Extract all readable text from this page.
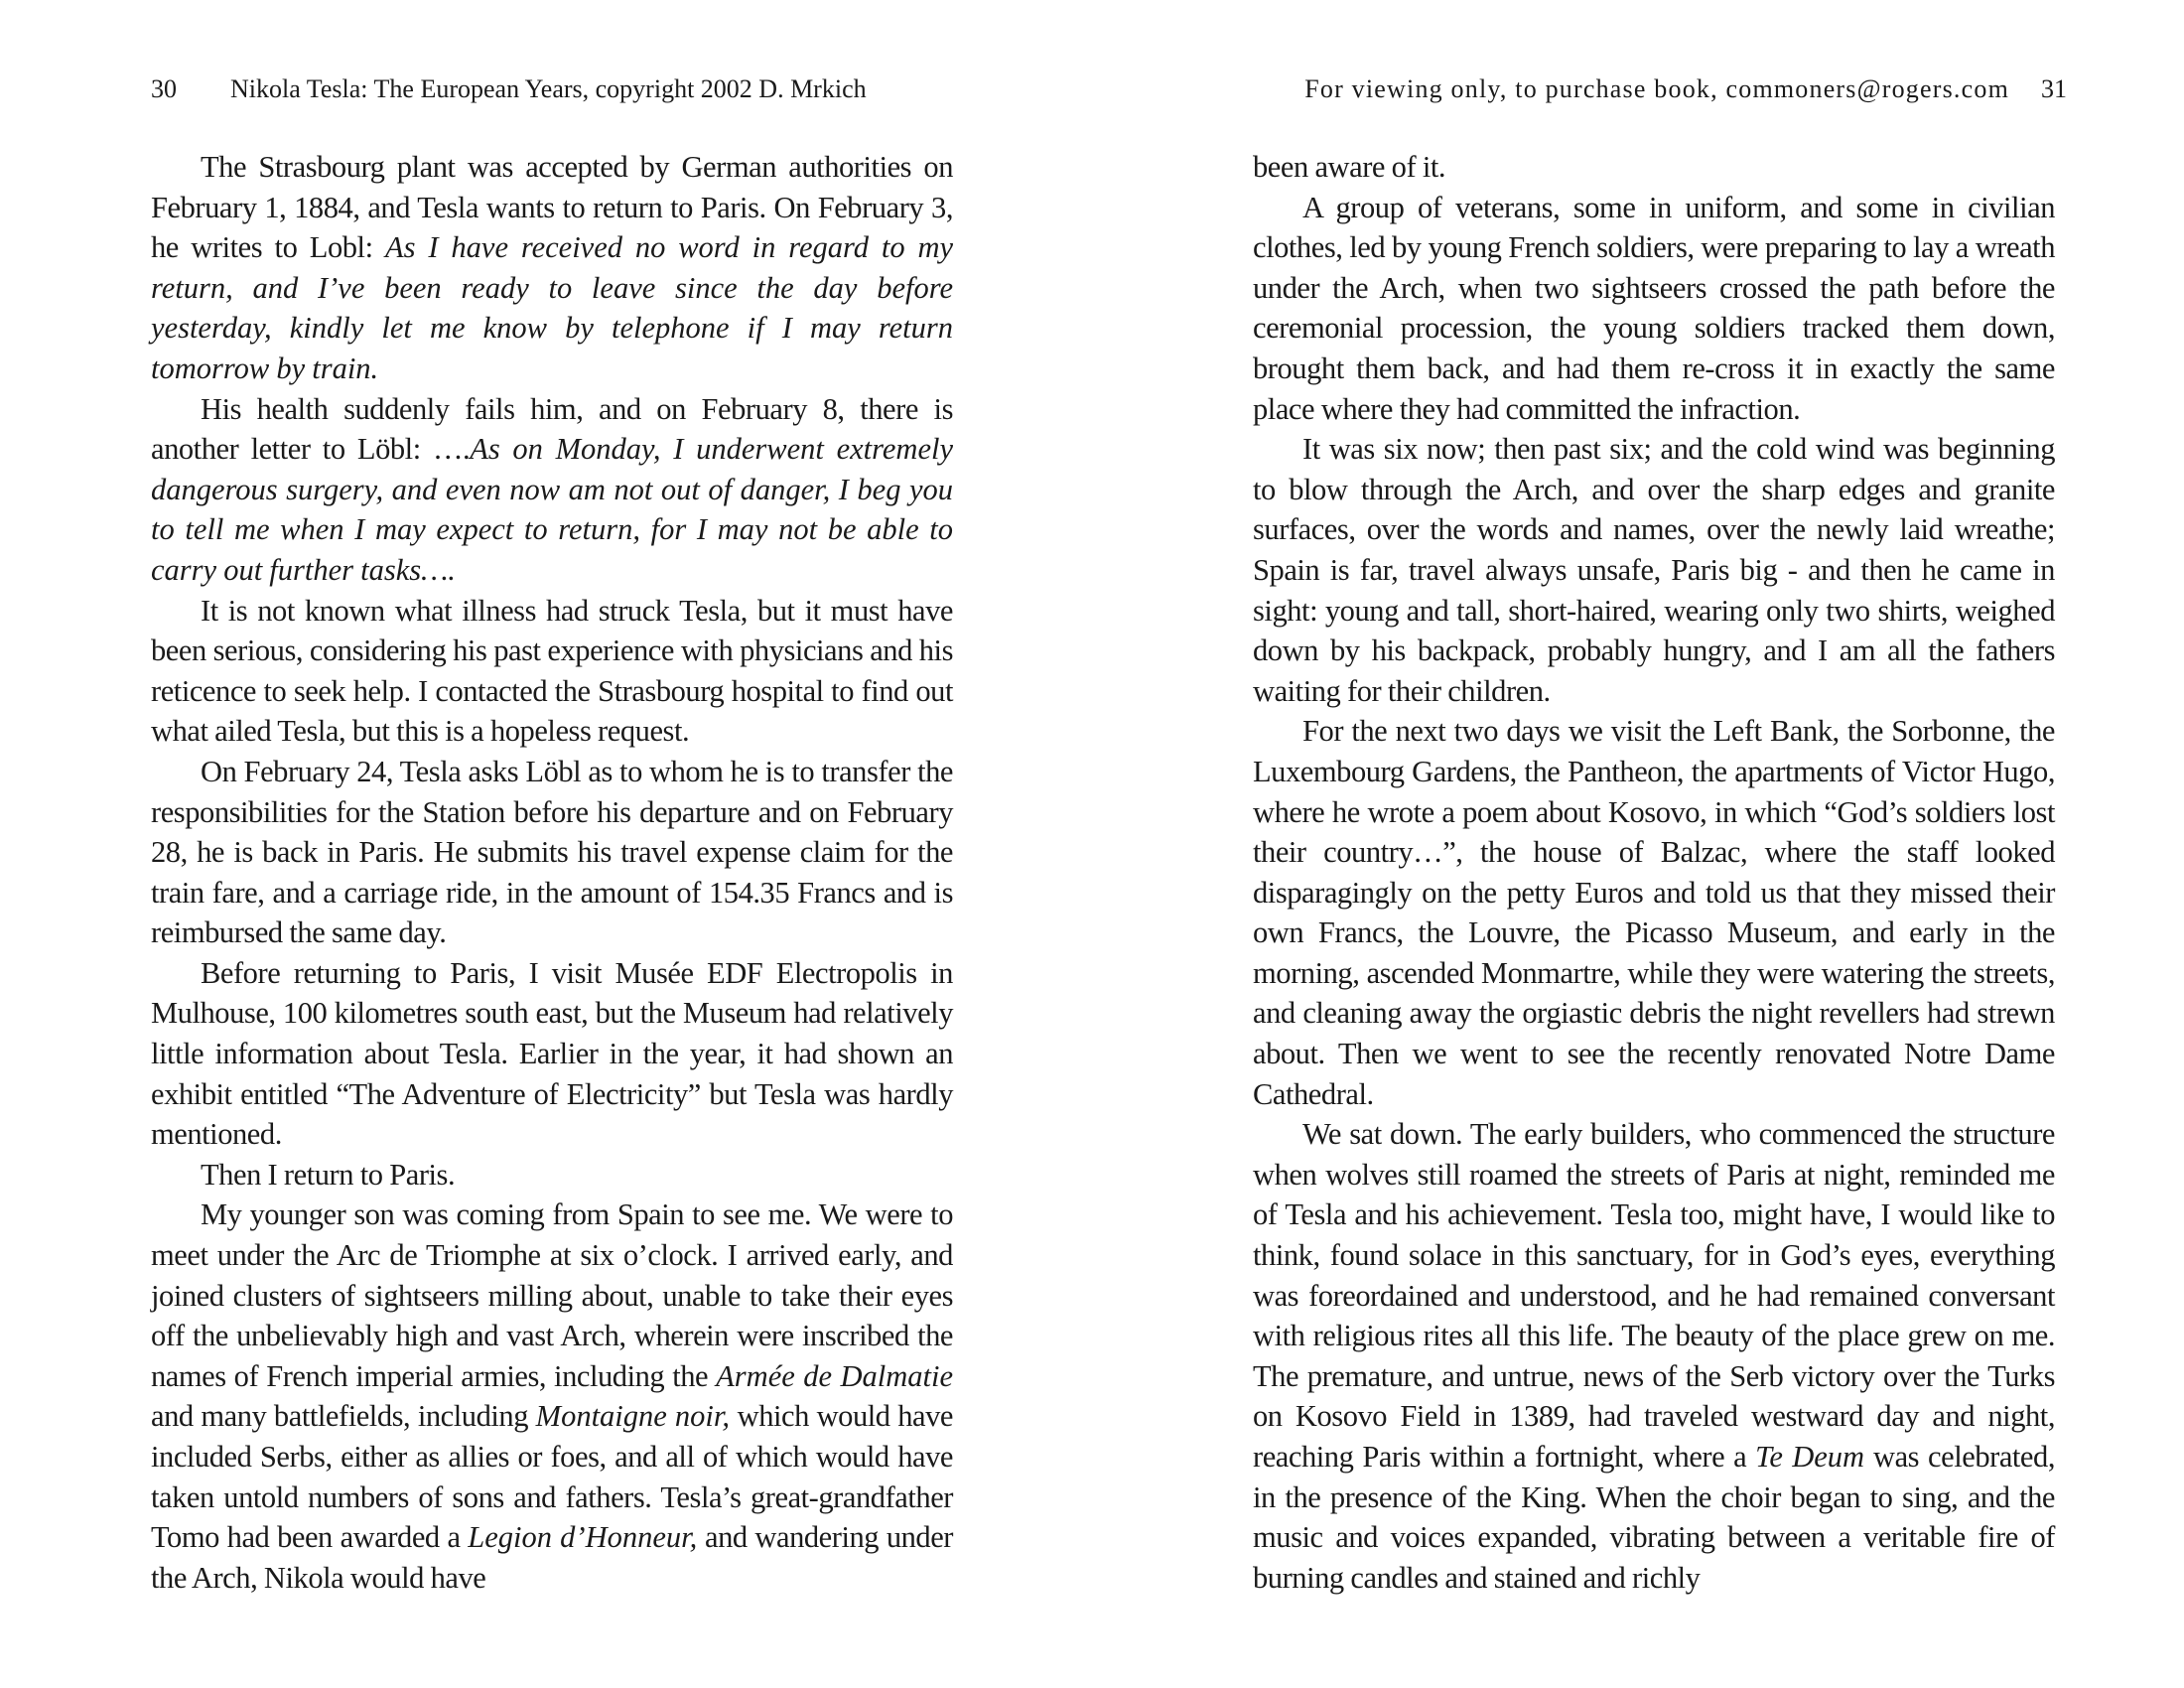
30 Nikola Tesla: The European Years, copyright 2002 D. Mrkich

The Strasbourg plant was accepted by German authorities on February 1, 1884, and Tesla wants to return to Paris. On February 3, he writes to Lobl: As I have received no word in regard to my return, and I’ve been ready to leave since the day before yesterday, kindly let me know by telephone if I may return tomorrow by train.

His health suddenly fails him, and on February 8, there is another letter to Löbl: ….As on Monday, I underwent extremely dangerous surgery, and even now am not out of danger, I beg you to tell me when I may expect to return, for I may not be able to carry out further tasks….

It is not known what illness had struck Tesla, but it must have been serious, considering his past experience with physicians and his reticence to seek help. I contacted the Strasbourg hospital to find out what ailed Tesla, but this is a hopeless request.

On February 24, Tesla asks Löbl as to whom he is to transfer the responsibilities for the Station before his departure and on February 28, he is back in Paris. He submits his travel expense claim for the train fare, and a carriage ride, in the amount of 154.35 Francs and is reimbursed the same day.

Before returning to Paris, I visit Musée EDF Electropolis in Mulhouse, 100 kilometres south east, but the Museum had relatively little information about Tesla. Earlier in the year, it had shown an exhibit entitled “The Adventure of Electricity” but Tesla was hardly mentioned.

Then I return to Paris.

My younger son was coming from Spain to see me. We were to meet under the Arc de Triomphe at six o’clock. I arrived early, and joined clusters of sightseers milling about, unable to take their eyes off the unbelievably high and vast Arch, wherein were inscribed the names of French imperial armies, including the Armée de Dalmatie and many battlefields, including Montaigne noir, which would have included Serbs, either as allies or foes, and all of which would have taken untold numbers of sons and fathers. Tesla’s great-grandfather Tomo had been awarded a Legion d’Honneur, and wandering under the Arch, Nikola would have

For viewing only, to purchase book, commoners@rogers.com 31

been aware of it.

A group of veterans, some in uniform, and some in civilian clothes, led by young French soldiers, were preparing to lay a wreath under the Arch, when two sightseers crossed the path before the ceremonial procession, the young soldiers tracked them down, brought them back, and had them re-cross it in exactly the same place where they had committed the infraction.

It was six now; then past six; and the cold wind was beginning to blow through the Arch, and over the sharp edges and granite surfaces, over the words and names, over the newly laid wreathe; Spain is far, travel always unsafe, Paris big - and then he came in sight: young and tall, short-haired, wearing only two shirts, weighed down by his backpack, probably hungry, and I am all the fathers waiting for their children.

For the next two days we visit the Left Bank, the Sorbonne, the Luxembourg Gardens, the Pantheon, the apartments of Victor Hugo, where he wrote a poem about Kosovo, in which “God’s soldiers lost their country…”, the house of Balzac, where the staff looked disparagingly on the petty Euros and told us that they missed their own Francs, the Louvre, the Picasso Museum, and early in the morning, ascended Monmartre, while they were watering the streets, and cleaning away the orgiastic debris the night revellers had strewn about. Then we went to see the recently renovated Notre Dame Cathedral.

We sat down. The early builders, who commenced the structure when wolves still roamed the streets of Paris at night, reminded me of Tesla and his achievement. Tesla too, might have, I would like to think, found solace in this sanctuary, for in God’s eyes, everything was foreordained and understood, and he had remained conversant with religious rites all this life. The beauty of the place grew on me. The premature, and untrue, news of the Serb victory over the Turks on Kosovo Field in 1389, had traveled westward day and night, reaching Paris within a fortnight, where a Te Deum was celebrated, in the presence of the King. When the choir began to sing, and the music and voices expanded, vibrating between a veritable fire of burning candles and stained and richly
